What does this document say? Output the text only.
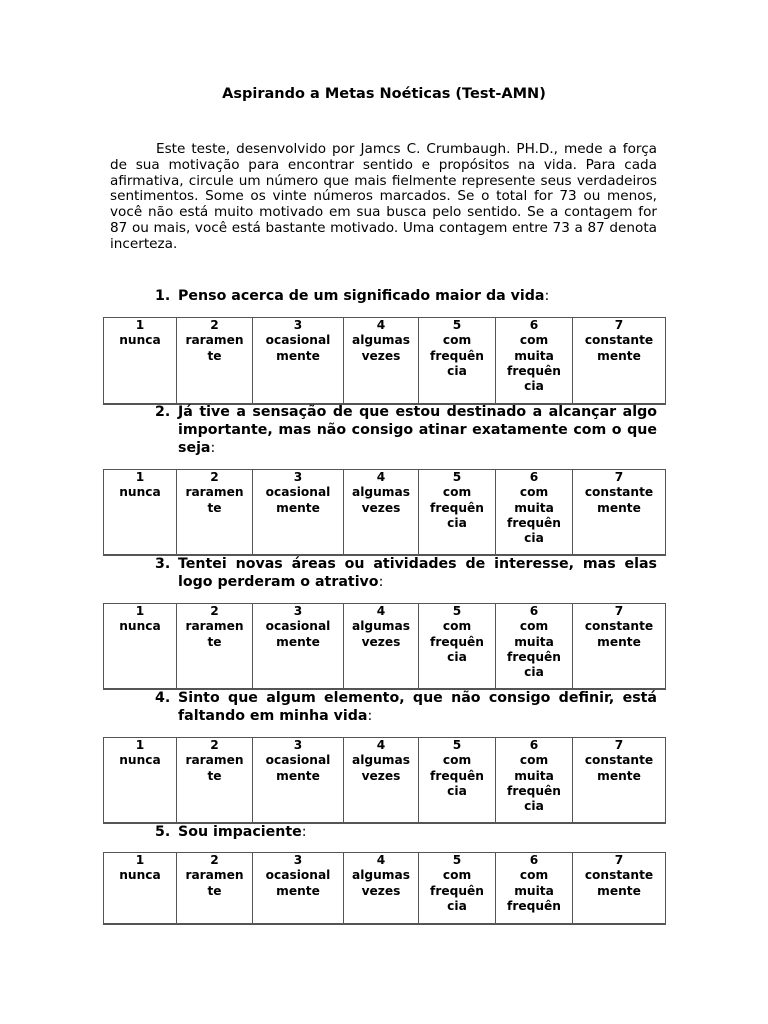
Aspirando a Metas Noéticas (Test-AMN)
Este teste, desenvolvido por Jamcs C. Crumbaugh. PH.D., mede a força de sua motivação para encontrar sentido e propósitos na vida. Para cada afirmativa, circule um número que mais fielmente represente seus verdadeiros sentimentos. Some os vinte números marcados. Se o total for 73 ou menos, você não está muito motivado em sua busca pelo sentido. Se a contagem for 87 ou mais, você está bastante motivado. Uma contagem entre 73 a 87 denota incerteza.
1. Penso acerca de um significado maior da vida:
1
nunca

2
raramen
te

3
ocasional
mente

4
algumas
vezes

5
com
frequên
cia

6
com
muita
frequên
cia

7
constante
mente
2. Já tive a sensação de que estou destinado a alcançar algo importante, mas não consigo atinar exatamente com o que seja:
1
nunca

2
raramen
te

3
ocasional
mente

4
algumas
vezes

5
com
frequên
cia

6
com
muita
frequên
cia

7
constante
mente
3. Tentei novas áreas ou atividades de interesse, mas elas logo perderam o atrativo:
1
nunca

2
raramen
te

3
ocasional
mente

4
algumas
vezes

5
com
frequên
cia

6
com
muita
frequên
cia

7
constante
mente
4. Sinto que algum elemento, que não consigo definir, está faltando em minha vida:
1
nunca

2
raramen
te

3
ocasional
mente

4
algumas
vezes

5
com
frequên
cia

6
com
muita
frequên
cia

7
constante
mente
5. Sou impaciente:
1
nunca

2
raramen
te

3
ocasional
mente

4
algumas
vezes

5
com
frequên
cia

6
com
muita
frequên

7
constante
mente
